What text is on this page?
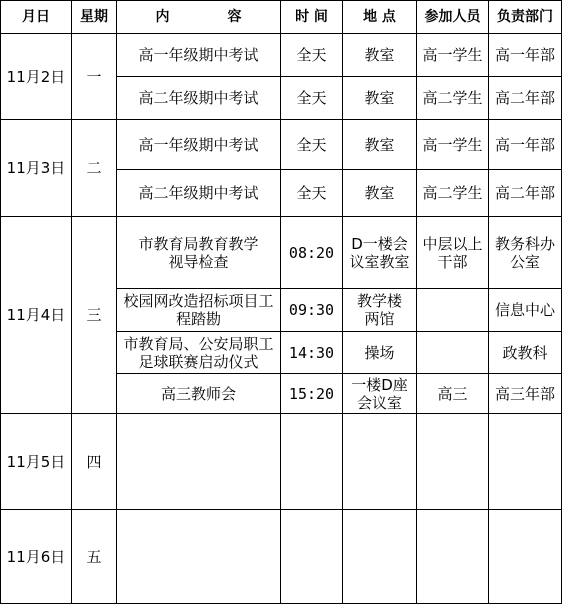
月日	星期	内 容	时 间	地 点	参加人员	负责部门
11月2日	一	高一年级期中考试	全天	教室	高一学生	高一年部
		高二年级期中考试	全天	教室	高二学生	高二年部
11月3日	二	高一年级期中考试	全天	教室	高一学生	高一年部
		高二年级期中考试	全天	教室	高二学生	高二年部
11月4日	三	市教育局教育教学视导检查	08:20	D一楼会议室教室	中层以上干部	教务科办公室
		校园网改造招标项目工程踏勘	09:30	教学楼两馆		信息中心
		市教育局、公安局职工足球联赛启动仪式	14:30	操场		政教科
		高三教师会	15:20	一楼D座会议室	高三	高三年部
11月5日	四					
11月6日	五					
